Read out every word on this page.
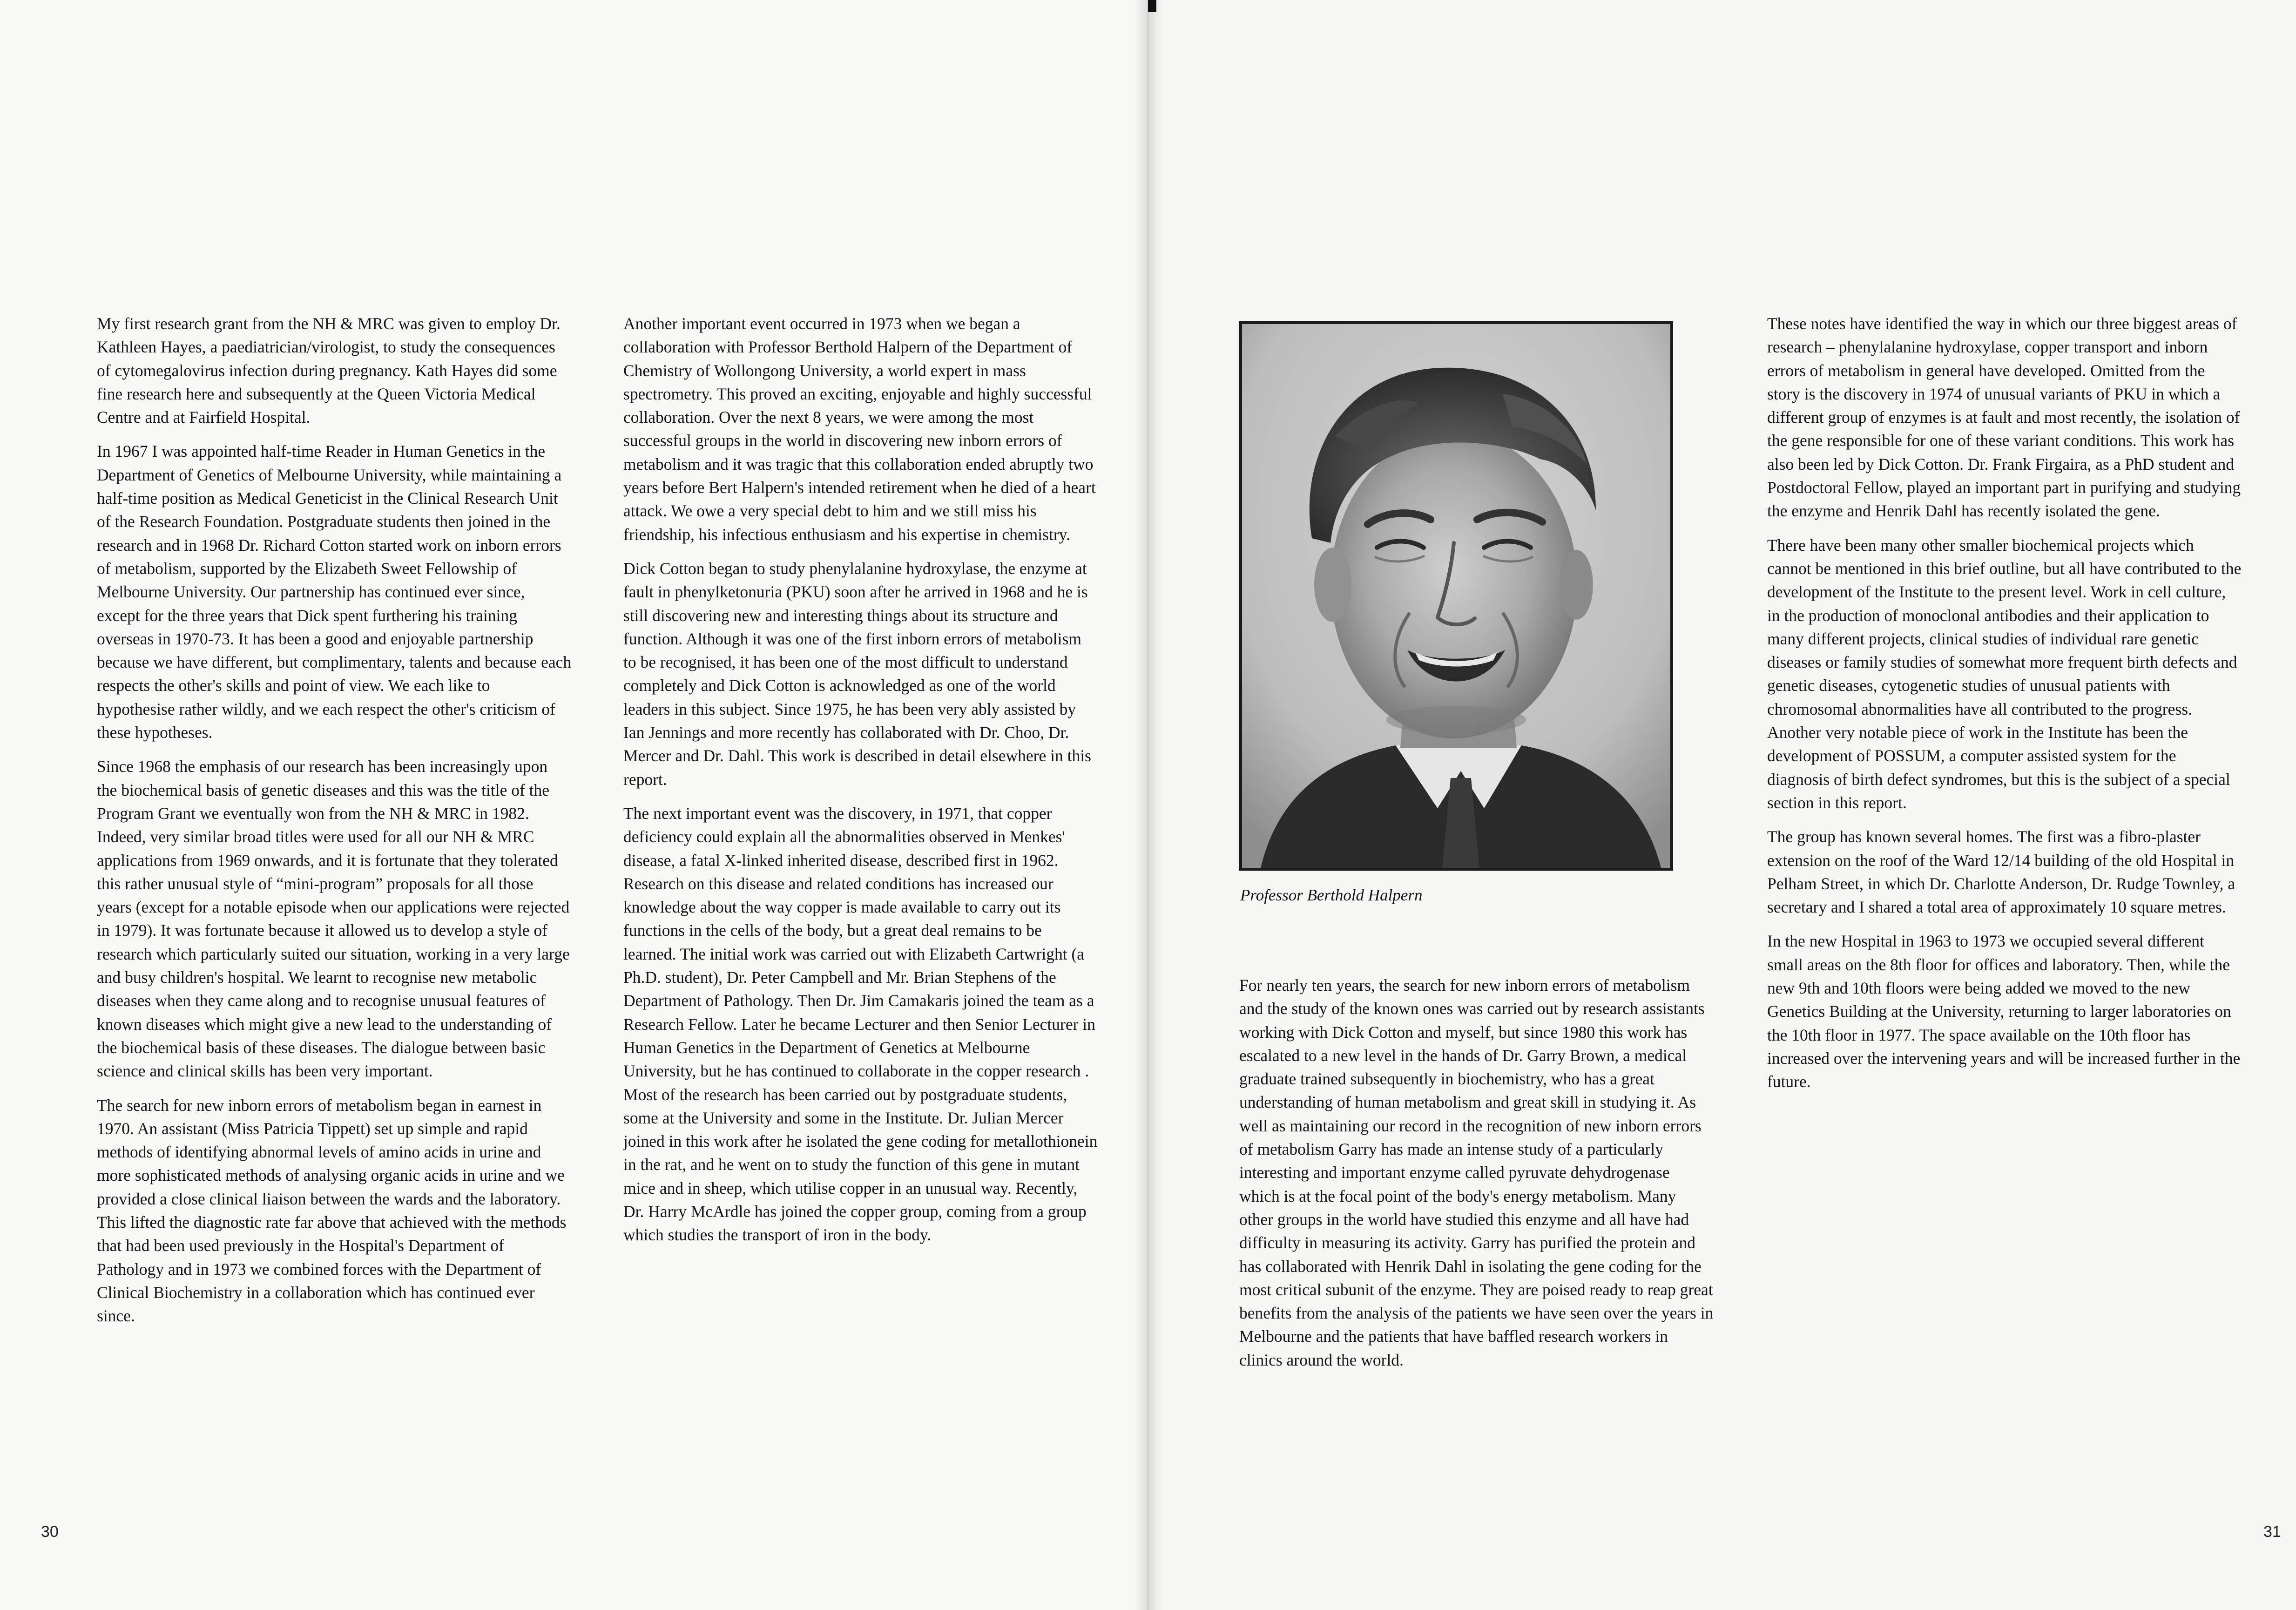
My first research grant from the NH & MRC was given to employ Dr. Kathleen Hayes, a paediatrician/virologist, to study the consequences of cytomegalovirus infection during pregnancy. Kath Hayes did some fine research here and subsequently at the Queen Victoria Medical Centre and at Fairfield Hospital.

In 1967 I was appointed half-time Reader in Human Genetics in the Department of Genetics of Melbourne University, while maintaining a half-time position as Medical Geneticist in the Clinical Research Unit of the Research Foundation. Postgraduate students then joined in the research and in 1968 Dr. Richard Cotton started work on inborn errors of metabolism, supported by the Elizabeth Sweet Fellowship of Melbourne University. Our partnership has continued ever since, except for the three years that Dick spent furthering his training overseas in 1970-73. It has been a good and enjoyable partnership because we have different, but complimentary, talents and because each respects the other's skills and point of view. We each like to hypothesise rather wildly, and we each respect the other's criticism of these hypotheses.

Since 1968 the emphasis of our research has been increasingly upon the biochemical basis of genetic diseases and this was the title of the Program Grant we eventually won from the NH & MRC in 1982. Indeed, very similar broad titles were used for all our NH & MRC applications from 1969 onwards, and it is fortunate that they tolerated this rather unusual style of “mini-program” proposals for all those years (except for a notable episode when our applications were rejected in 1979). It was fortunate because it allowed us to develop a style of research which particularly suited our situation, working in a very large and busy children's hospital. We learnt to recognise new metabolic diseases when they came along and to recognise unusual features of known diseases which might give a new lead to the understanding of the biochemical basis of these diseases. The dialogue between basic science and clinical skills has been very important.

The search for new inborn errors of metabolism began in earnest in 1970. An assistant (Miss Patricia Tippett) set up simple and rapid methods of identifying abnormal levels of amino acids in urine and more sophisticated methods of analysing organic acids in urine and we provided a close clinical liaison between the wards and the laboratory. This lifted the diagnostic rate far above that achieved with the methods that had been used previously in the Hospital's Department of Pathology and in 1973 we combined forces with the Department of Clinical Biochemistry in a collaboration which has continued ever since.

Another important event occurred in 1973 when we began a collaboration with Professor Berthold Halpern of the Department of Chemistry of Wollongong University, a world expert in mass spectrometry. This proved an exciting, enjoyable and highly successful collaboration. Over the next 8 years, we were among the most successful groups in the world in discovering new inborn errors of metabolism and it was tragic that this collaboration ended abruptly two years before Bert Halpern's intended retirement when he died of a heart attack. We owe a very special debt to him and we still miss his friendship, his infectious enthusiasm and his expertise in chemistry.

Dick Cotton began to study phenylalanine hydroxylase, the enzyme at fault in phenylketonuria (PKU) soon after he arrived in 1968 and he is still discovering new and interesting things about its structure and function. Although it was one of the first inborn errors of metabolism to be recognised, it has been one of the most difficult to understand completely and Dick Cotton is acknowledged as one of the world leaders in this subject. Since 1975, he has been very ably assisted by Ian Jennings and more recently has collaborated with Dr. Choo, Dr. Mercer and Dr. Dahl. This work is described in detail elsewhere in this report.

The next important event was the discovery, in 1971, that copper deficiency could explain all the abnormalities observed in Menkes' disease, a fatal X-linked inherited disease, described first in 1962. Research on this disease and related conditions has increased our knowledge about the way copper is made available to carry out its functions in the cells of the body, but a great deal remains to be learned. The initial work was carried out with Elizabeth Cartwright (a Ph.D. student), Dr. Peter Campbell and Mr. Brian Stephens of the Department of Pathology. Then Dr. Jim Camakaris joined the team as a Research Fellow. Later he became Lecturer and then Senior Lecturer in Human Genetics in the Department of Genetics at Melbourne University, but he has continued to collaborate in the copper research . Most of the research has been carried out by postgraduate students, some at the University and some in the Institute. Dr. Julian Mercer joined in this work after he isolated the gene coding for metallothionein in the rat, and he went on to study the function of this gene in mutant mice and in sheep, which utilise copper in an unusual way. Recently, Dr. Harry McArdle has joined the copper group, coming from a group which studies the transport of iron in the body.

30
Professor Berthold Halpern

For nearly ten years, the search for new inborn errors of metabolism and the study of the known ones was carried out by research assistants working with Dick Cotton and myself, but since 1980 this work has escalated to a new level in the hands of Dr. Garry Brown, a medical graduate trained subsequently in biochemistry, who has a great understanding of human metabolism and great skill in studying it. As well as maintaining our record in the recognition of new inborn errors of metabolism Garry has made an intense study of a particularly interesting and important enzyme called pyruvate dehydrogenase which is at the focal point of the body's energy metabolism. Many other groups in the world have studied this enzyme and all have had difficulty in measuring its activity. Garry has purified the protein and has collaborated with Henrik Dahl in isolating the gene coding for the most critical subunit of the enzyme. They are poised ready to reap great benefits from the analysis of the patients we have seen over the years in Melbourne and the patients that have baffled research workers in clinics around the world.

These notes have identified the way in which our three biggest areas of research – phenylalanine hydroxylase, copper transport and inborn errors of metabolism in general have developed. Omitted from the story is the discovery in 1974 of unusual variants of PKU in which a different group of enzymes is at fault and most recently, the isolation of the gene responsible for one of these variant conditions. This work has also been led by Dick Cotton. Dr. Frank Firgaira, as a PhD student and Postdoctoral Fellow, played an important part in purifying and studying the enzyme and Henrik Dahl has recently isolated the gene.

There have been many other smaller biochemical projects which cannot be mentioned in this brief outline, but all have contributed to the development of the Institute to the present level. Work in cell culture, in the production of monoclonal antibodies and their application to many different projects, clinical studies of individual rare genetic diseases or family studies of somewhat more frequent birth defects and genetic diseases, cytogenetic studies of unusual patients with chromosomal abnormalities have all contributed to the progress. Another very notable piece of work in the Institute has been the development of POSSUM, a computer assisted system for the diagnosis of birth defect syndromes, but this is the subject of a special section in this report.

The group has known several homes. The first was a fibro-plaster extension on the roof of the Ward 12/14 building of the old Hospital in Pelham Street, in which Dr. Charlotte Anderson, Dr. Rudge Townley, a secretary and I shared a total area of approximately 10 square metres.

In the new Hospital in 1963 to 1973 we occupied several different small areas on the 8th floor for offices and laboratory. Then, while the new 9th and 10th floors were being added we moved to the new Genetics Building at the University, returning to larger laboratories on the 10th floor in 1977. The space available on the 10th floor has increased over the intervening years and will be increased further in the future.

31
